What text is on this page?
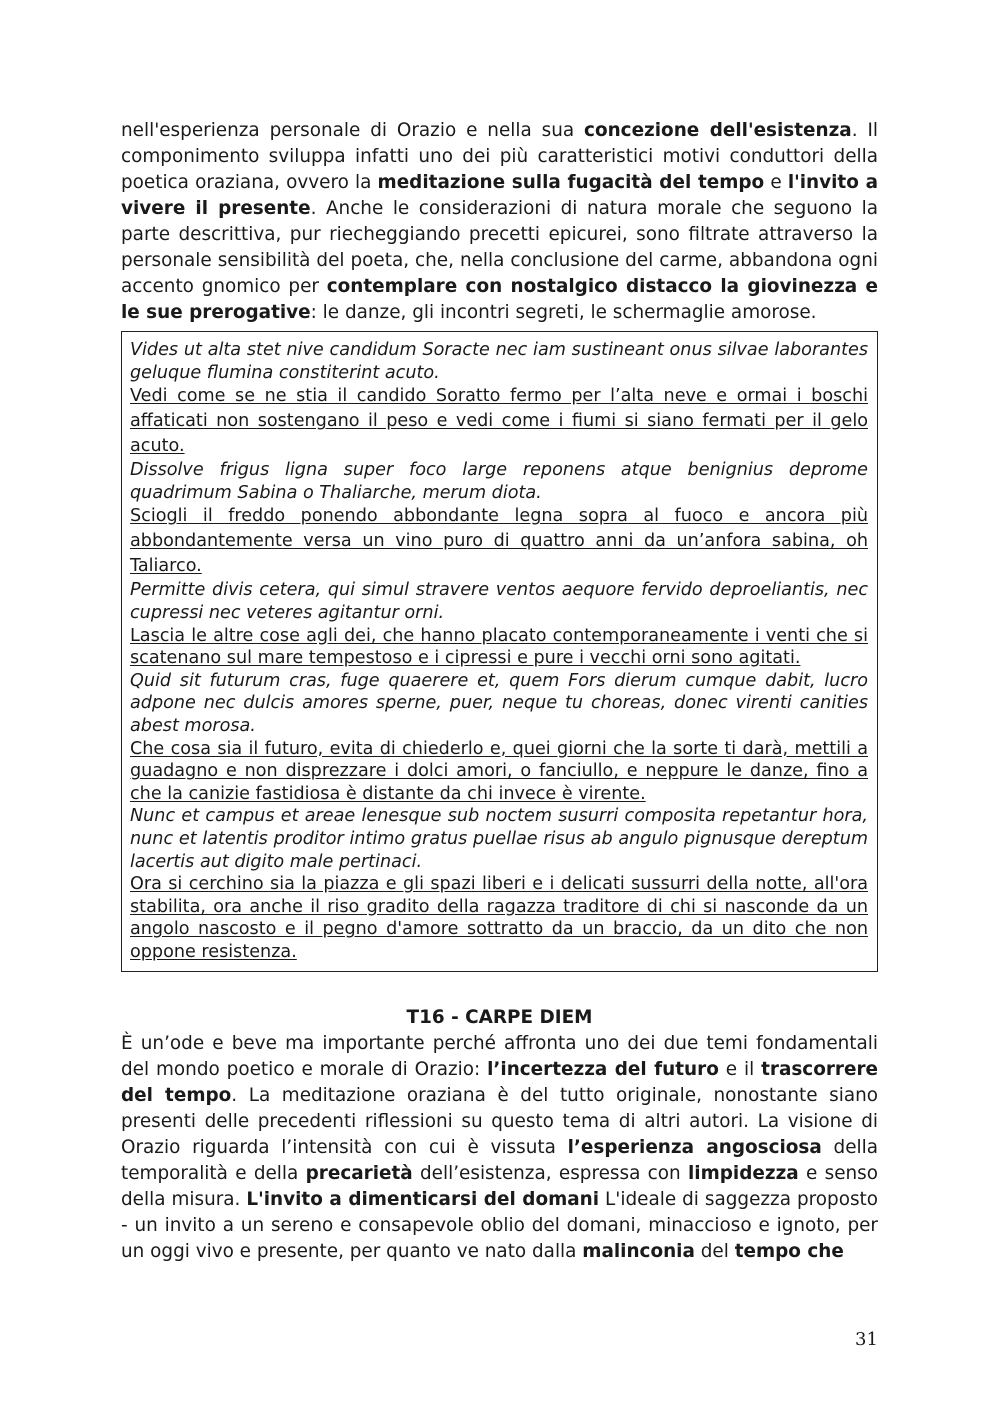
nell'esperienza personale di Orazio e nella sua concezione dell'esistenza. Il componimento sviluppa infatti uno dei più caratteristici motivi conduttori della poetica oraziana, ovvero la meditazione sulla fugacità del tempo e l'invito a vivere il presente. Anche le considerazioni di natura morale che seguono la parte descrittiva, pur riecheggiando precetti epicurei, sono filtrate attraverso la personale sensibilità del poeta, che, nella conclusione del carme, abbandona ogni accento gnomico per contemplare con nostalgico distacco la giovinezza e le sue prerogative: le danze, gli incontri segreti, le schermaglie amorose.

Vides ut alta stet nive candidum Soracte nec iam sustineant onus silvae laborantes geluque flumina constiterint acuto.

Vedi come se ne stia il candido Soratto fermo per l’alta neve e ormai i boschi affaticati non sostengano il peso e vedi come i fiumi si siano fermati per il gelo acuto.

Dissolve frigus ligna super foco large reponens atque benignius deprome quadrimum Sabina o Thaliarche, merum diota.

Sciogli il freddo ponendo abbondante legna sopra al fuoco e ancora più abbondantemente versa un vino puro di quattro anni da un’anfora sabina, oh Taliarco.

Permitte divis cetera, qui simul stravere ventos aequore fervido deproeliantis, nec cupressi nec veteres agitantur orni.

Lascia le altre cose agli dei, che hanno placato contemporaneamente i venti che si scatenano sul mare tempestoso e i cipressi e pure i vecchi orni sono agitati.

Quid sit futurum cras, fuge quaerere et, quem Fors dierum cumque dabit, lucro adpone nec dulcis amores sperne, puer, neque tu choreas, donec virenti canities abest morosa.

Che cosa sia il futuro, evita di chiederlo e, quei giorni che la sorte ti darà, mettili a guadagno e non disprezzare i dolci amori, o fanciullo, e neppure le danze, fino a che la canizie fastidiosa è distante da chi invece è virente.

Nunc et campus et areae lenesque sub noctem susurri composita repetantur hora, nunc et latentis proditor intimo gratus puellae risus ab angulo pignusque dereptum lacertis aut digito male pertinaci.

Ora si cerchino sia la piazza e gli spazi liberi e i delicati sussurri della notte, all'ora stabilita, ora anche il riso gradito della ragazza traditore di chi si nasconde da un angolo nascosto e il pegno d'amore sottratto da un braccio, da un dito che non oppone resistenza.

T16 - CARPE DIEM

È un’ode e beve ma importante perché affronta uno dei due temi fondamentali del mondo poetico e morale di Orazio: l’incertezza del futuro e il trascorrere del tempo. La meditazione oraziana è del tutto originale, nonostante siano presenti delle precedenti riflessioni su questo tema di altri autori. La visione di Orazio riguarda l’intensità con cui è vissuta l’esperienza angosciosa della temporalità e della precarietà dell’esistenza, espressa con limpidezza e senso della misura. L'invito a dimenticarsi del domani L'ideale di saggezza proposto - un invito a un sereno e consapevole oblio del domani, minaccioso e ignoto, per un oggi vivo e presente, per quanto ve nato dalla malinconia del tempo che

31
